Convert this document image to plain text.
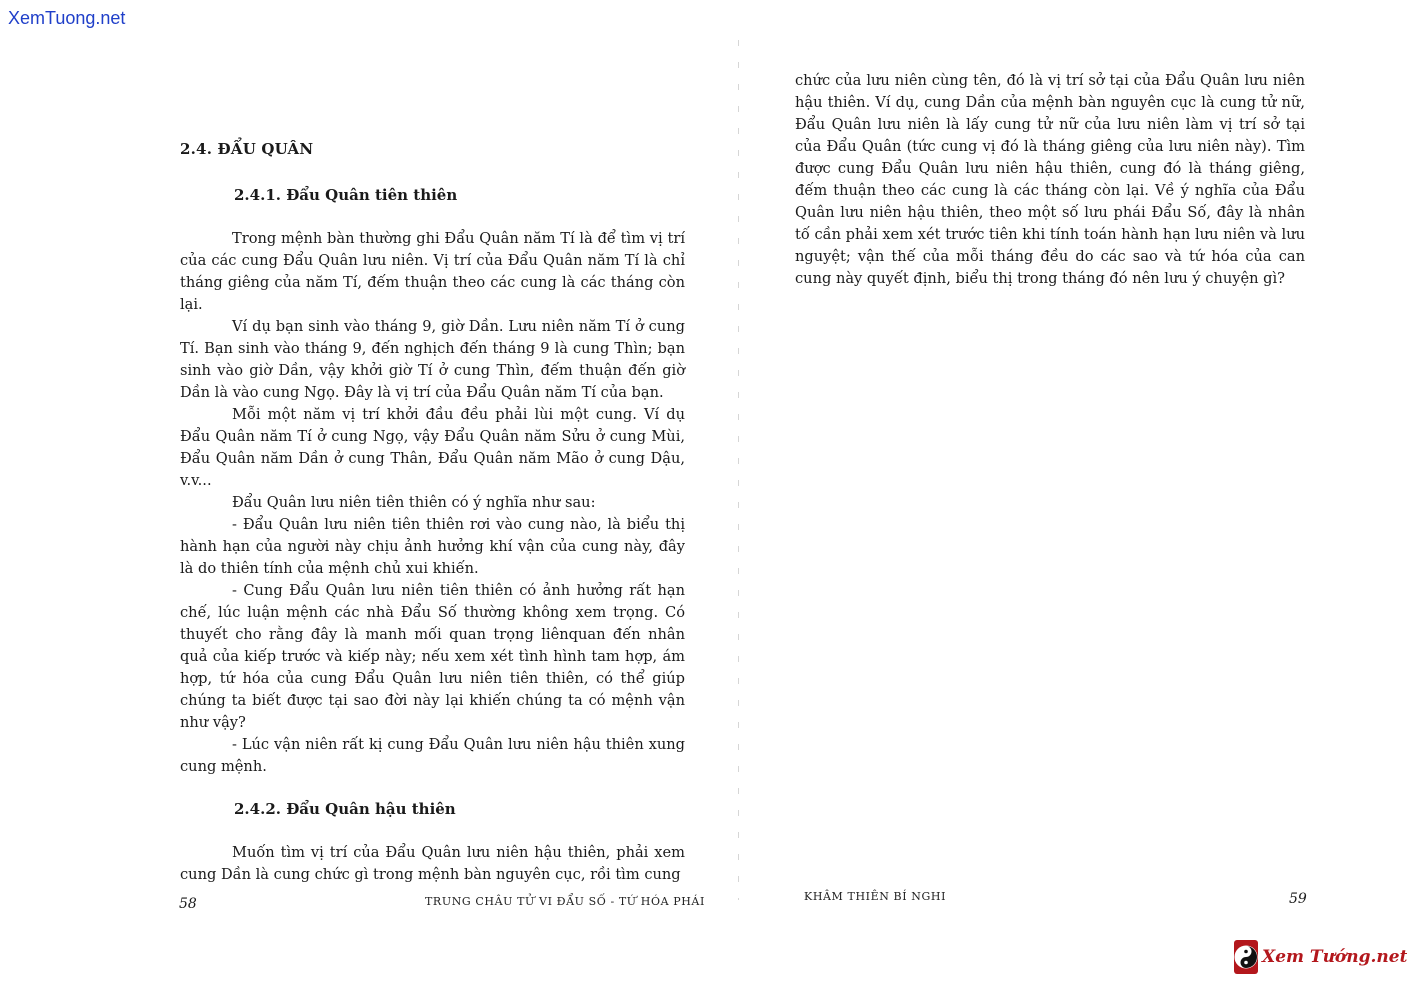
XemTuong.net
2.4. ĐẨU QUÂN
2.4.1. Đẩu Quân tiên thiên

Trong mệnh bàn thường ghi Đẩu Quân năm Tí là để tìm vị trí của các cung Đẩu Quân lưu niên. Vị trí của Đẩu Quân năm Tí là chỉ tháng giêng của năm Tí, đếm thuận theo các cung là các tháng còn lại.

Ví dụ bạn sinh vào tháng 9, giờ Dần. Lưu niên năm Tí ở cung Tí. Bạn sinh vào tháng 9, đến nghịch đến tháng 9 là cung Thìn; bạn sinh vào giờ Dần, vậy khởi giờ Tí ở cung Thìn, đếm thuận đến giờ Dần là vào cung Ngọ. Đây là vị trí của Đẩu Quân năm Tí của bạn.

Mỗi một năm vị trí khởi đầu đều phải lùi một cung. Ví dụ Đẩu Quân năm Tí ở cung Ngọ, vậy Đẩu Quân năm Sửu ở cung Mùi, Đẩu Quân năm Dần ở cung Thân, Đẩu Quân năm Mão ở cung Dậu, v.v...

Đẩu Quân lưu niên tiên thiên có ý nghĩa như sau:

- Đẩu Quân lưu niên tiên thiên rơi vào cung nào, là biểu thị hành hạn của người này chịu ảnh hưởng khí vận của cung này, đây là do thiên tính của mệnh chủ xui khiến.

- Cung Đẩu Quân lưu niên tiên thiên có ảnh hưởng rất hạn chế, lúc luận mệnh các nhà Đẩu Số thường không xem trọng. Có thuyết cho rằng đây là manh mối quan trọng liênquan đến nhân quả của kiếp trước và kiếp này; nếu xem xét tình hình tam hợp, ám hợp, tứ hóa của cung Đẩu Quân lưu niên tiên thiên, có thể giúp chúng ta biết được tại sao đời này lại khiến chúng ta có mệnh vận như vậy?

- Lúc vận niên rất kị cung Đẩu Quân lưu niên hậu thiên xung cung mệnh.

2.4.2. Đẩu Quân hậu thiên

Muốn tìm vị trí của Đẩu Quân lưu niên hậu thiên, phải xem cung Dần là cung chức gì trong mệnh bàn nguyên cục, rồi tìm cung

58	TRUNG CHÂU TỬ VI ĐẨU SỐ - TỨ HÓA PHÁI

chức của lưu niên cùng tên, đó là vị trí sở tại của Đẩu Quân lưu niên hậu thiên. Ví dụ, cung Dần của mệnh bàn nguyên cục là cung tử nữ, Đẩu Quân lưu niên là lấy cung tử nữ của lưu niên làm vị trí sở tại của Đẩu Quân (tức cung vị đó là tháng giêng của lưu niên này). Tìm được cung Đẩu Quân lưu niên hậu thiên, cung đó là tháng giêng, đếm thuận theo các cung là các tháng còn lại. Về ý nghĩa của Đẩu Quân lưu niên hậu thiên, theo một số lưu phái Đẩu Số, đây là nhân tố cần phải xem xét trước tiên khi tính toán hành hạn lưu niên và lưu nguyệt; vận thế của mỗi tháng đều do các sao và tứ hóa của can cung này quyết định, biểu thị trong tháng đó nên lưu ý chuyện gì?

KHÂM THIÊN BÍ NGHI	59
Xem Tướng.net
